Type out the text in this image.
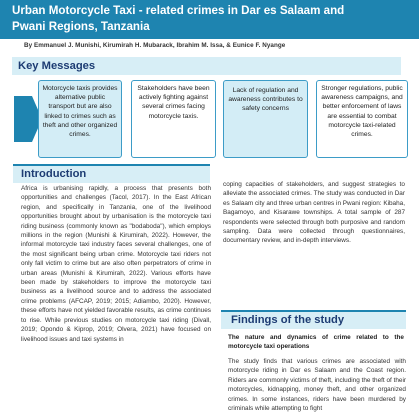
Urban Motorcycle Taxi - related crimes in Dar es Salaam and
Pwani Regions, Tanzania
By Emmanuel J. Munishi, Kirumirah H. Mubarack, Ibrahim M. Issa, & Eunice F. Nyange
Key Messages
Motorcycle taxis provides alternative public transport but are also linked to crimes such as theft and other organized crimes.
Stakeholders have been actively fighting against several crimes facing motorcycle taxis.
Lack of regulation and awareness contributes to safety concerns
Stronger regulations, public awareness campaigns, and better enforcement of laws are essential to combat motorcycle taxi-related crimes.
Introduction
Africa is urbanising rapidly, a process that presents both opportunities and challenges (Tacol, 2017). In the East African region, and specifically in Tanzania, one of the livelihood opportunities brought about by urbanisation is the motorcycle taxi riding business (commonly known as "bodaboda"), which employs millions in the region (Munishi & Kirumirah, 2022). However, the informal motorcycle taxi industry faces several challenges, one of the most significant being urban crime. Motorcycle taxi riders not only fall victim to crime but are also often perpetrators of crime in urban areas (Munishi & Kirumirah, 2022). Various efforts have been made by stakeholders to improve the motorcycle taxi business as a livelihood source and to address the associated crime problems (AFCAP, 2019; 2015; Adiambo, 2020). However, these efforts have not yielded favorable results, as crime continues to rise. While previous studies on motorcycle taxi riding (Divall, 2019; Opondo & Kiprop, 2019; Olvera, 2021) have focused on livelihood issues and taxi systems in
coping capacities of stakeholders, and suggest strategies to alleviate the associated crimes. The study was conducted in Dar es Salaam city and three urban centres in Pwani region: Kibaha, Bagamoyo, and Kisarawe townships. A total sample of 287 respondents were selected through both purposive and random sampling. Data were collected through questionnaires, documentary review, and in-depth interviews.
Findings of the study
The nature and dynamics of crime related to the motorcycle taxi operations
The study finds that various crimes are associated with motorcycle riding in Dar es Salaam and the Coast region. Riders are commonly victims of theft, including the theft of their motorcycles, kidnapping, money theft, and other organized crimes. In some instances, riders have been murdered by criminals while attempting to fight
